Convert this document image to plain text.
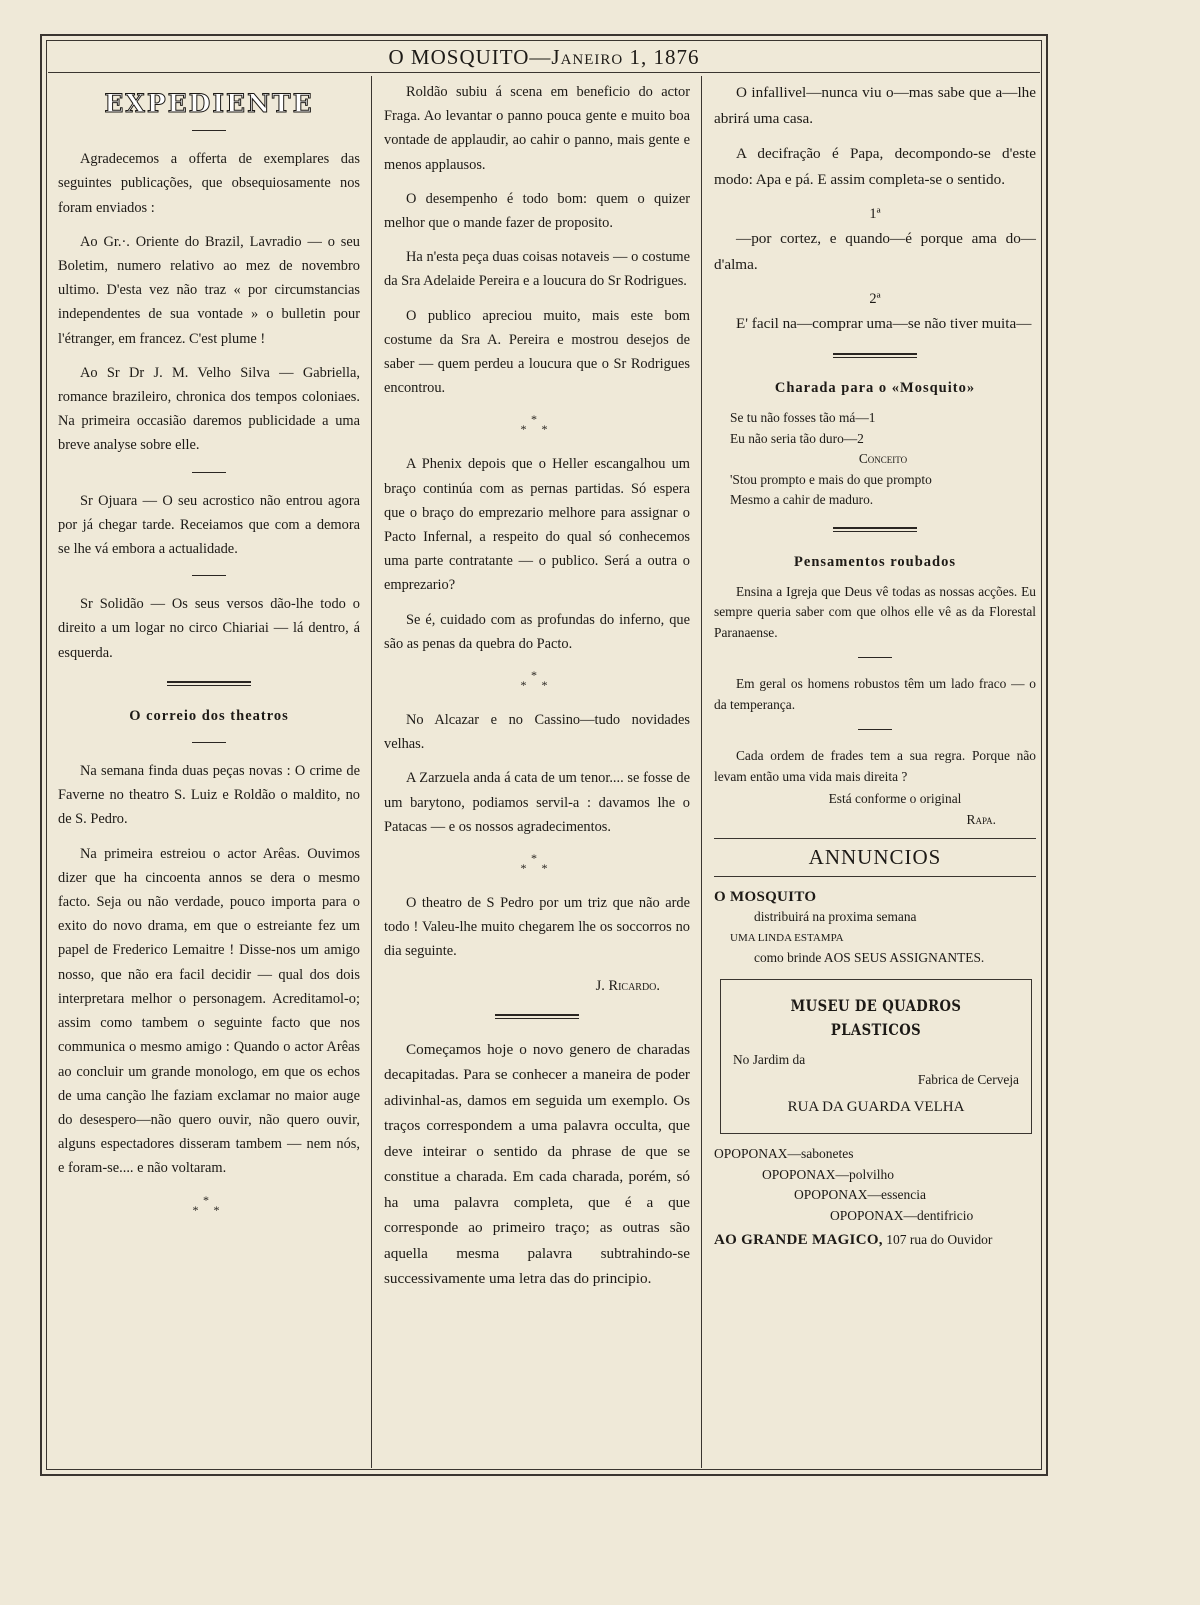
O MOSQUITO—Janeiro 1, 1876
EXPEDIENTE

Agradecemos a offerta de exemplares das seguintes publicações, que obsequiosamente nos foram enviados :

Ao Gr.·. Oriente do Brazil, Lavradio — o seu Boletim, numero relativo ao mez de novembro ultimo. D'esta vez não traz « por circumstancias independentes de sua vontade » o bulletin pour l'étranger, em francez. C'est plume !

Ao Sr Dr J. M. Velho Silva — Gabriella, romance brazileiro, chronica dos tempos coloniaes. Na primeira occasião daremos publicidade a uma breve analyse sobre elle.

Sr Ojuara — O seu acrostico não entrou agora por já chegar tarde. Receiamos que com a demora se lhe vá embora a actualidade.

Sr Solidão — Os seus versos dão-lhe todo o direito a um logar no circo Chiariai — lá dentro, á esquerda.

O correio dos theatros

Na semana finda duas peças novas : O crime de Faverne no theatro S. Luiz e Roldão o maldito, no de S. Pedro.

Na primeira estreiou o actor Arêas. Ouvimos dizer que ha cincoenta annos se dera o mesmo facto. Seja ou não verdade, pouco importa para o exito do novo drama, em que o estreiante fez um papel de Frederico Lemaitre ! Disse-nos um amigo nosso, que não era facil decidir — qual dos dois interpretara melhor o personagem. Acreditamol-o; assim como tambem o seguinte facto que nos communica o mesmo amigo : Quando o actor Arêas ao concluir um grande monologo, em que os echos de uma canção lhe faziam exclamar no maior auge do desespero—não quero ouvir, não quero ouvir, alguns espectadores disseram tambem — nem nós, e foram-se.... e não voltaram.

*
* *

Roldão subiu á scena em beneficio do actor Fraga. Ao levantar o panno pouca gente e muito boa vontade de applaudir, ao cahir o panno, mais gente e menos applausos.

O desempenho é todo bom: quem o quizer melhor que o mande fazer de proposito.

Ha n'esta peça duas coisas notaveis — o costume da Sra Adelaide Pereira e a loucura do Sr Rodrigues.

O publico apreciou muito, mais este bom costume da Sra A. Pereira e mostrou desejos de saber — quem perdeu a loucura que o Sr Rodrigues encontrou.

*
* *

A Phenix depois que o Heller escangalhou um braço continúa com as pernas partidas. Só espera que o braço do emprezario melhore para assignar o Pacto Infernal, a respeito do qual só conhecemos uma parte contratante — o publico. Será a outra o emprezario?

Se é, cuidado com as profundas do inferno, que são as penas da quebra do Pacto.

*
* *

No Alcazar e no Cassino—tudo novidades velhas.

A Zarzuela anda á cata de um tenor.... se fosse de um barytono, podiamos servil-a : davamos lhe o Patacas — e os nossos agradecimentos.

*
* *

O theatro de S Pedro por um triz que não arde todo ! Valeu-lhe muito chegarem lhe os soccorros no dia seguinte.

J. Ricardo.

Começamos hoje o novo genero de charadas decapitadas. Para se conhecer a maneira de poder adivinhal-as, damos em seguida um exemplo. Os traços correspondem a uma palavra occulta, que deve inteirar o sentido da phrase de que se constitue a charada. Em cada charada, porém, só ha uma palavra completa, que é a que corresponde ao primeiro traço; as outras são aquella mesma palavra subtrahindo-se successivamente uma letra das do principio.

O infallivel—nunca viu o—mas sabe que a—lhe abrirá uma casa.

A decifração é Papa, decompondo-se d'este modo: Apa e pá. E assim completa-se o sentido.

1ª

—por cortez, e quando—é porque ama do—d'alma.

2ª

E' facil na—comprar uma—se não tiver muita—

Charada para o «Mosquito»
Se tu não fosses tão má—1
Eu não seria tão duro—2
Conceito
'Stou prompto e mais do que prompto
Mesmo a cahir de maduro.
Pensamentos roubados

Ensina a Igreja que Deus vê todas as nossas acções. Eu sempre queria saber com que olhos elle vê as da Florestal Paranaense.

Em geral os homens robustos têm um lado fraco — o da temperança.

Cada ordem de frades tem a sua regra. Porque não levam então uma vida mais direita ?

Está conforme o original
Rapa.
ANNUNCIOS
O MOSQUITO
distribuirá na proxima semana
UMA LINDA ESTAMPA
como brinde AOS SEUS ASSIGNANTES.
MUSEU DE QUADROS PLASTICOS
No Jardim da
Fabrica de Cerveja
RUA DA GUARDA VELHA

OPOPONAX—sabonetes

OPOPONAX—polvilho

OPOPONAX—essencia

OPOPONAX—dentifricio

AO GRANDE MAGICO, 107 rua do Ouvidor
